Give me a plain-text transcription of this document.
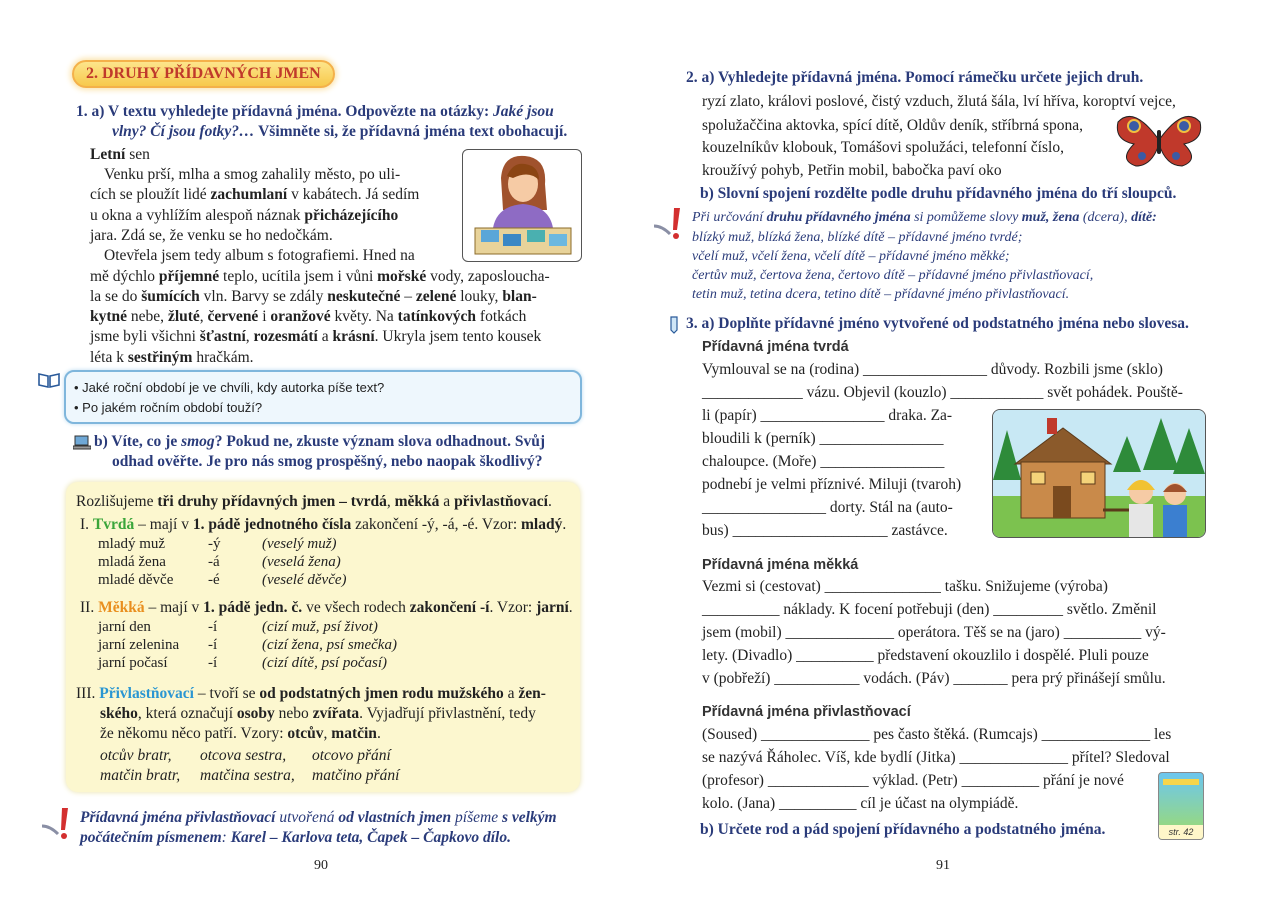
2. DRUHY PŘÍDAVNÝCH JMEN
1. a) V textu vyhledejte přídavná jména. Odpovězte na otázky: Jaké jsou
vlny? Čí jsou fotky?… Všimněte si, že přídavná jména text obohacují.
Letní sen
Venku prší, mlha a smog zahalily město, po uli-
cích se ploužít lidé zachumlaní v kabátech. Já sedím
u okna a vyhlížím alespoň náznak přicházejícího
jara. Zdá se, že venku se ho nedočkám.
Otevřela jsem tedy album s fotografiemi. Hned na
mě dýchlo příjemné teplo, ucítila jsem i vůni mořské vody, zaposloucha-
la se do šumících vln. Barvy se zdály neskutečné – zelené louky, blan-
kytné nebe, žluté, červené i oranžové květy. Na tatínkových fotkách
jsme byli všichni šťastní, rozesmátí a krásní. Ukryla jsem tento kousek
léta k sestřiným hračkám.
• Jaké roční období je ve chvíli, kdy autorka píše text?
• Po jakém ročním období touží?
b) Víte, co je smog? Pokud ne, zkuste význam slova odhadnout. Svůj
odhad ověřte. Je pro nás smog prospěšný, nebo naopak škodlivý?
Rozlišujeme tři druhy přídavných jmen – tvrdá, měkká a přivlastňovací.
I. Tvrdá – mají v 1. pádě jednotného čísla zakončení -ý, -á, -é. Vzor: mladý.
mladý muž	-ý	(veselý muž)
mladá žena	-á	(veselá žena)
mladé děvče	-é	(veselé děvče)
II. Měkká – mají v 1. pádě jedn. č. ve všech rodech zakončení -í. Vzor: jarní.
jarní den	-í	(cizí muž, psí život)
jarní zelenina	-í	(cizí žena, psí smečka)
jarní počasí	-í	(cizí dítě, psí počasí)
III. Přivlastňovací – tvoří se od podstatných jmen rodu mužského a žen-
ského, která označují osoby nebo zvířata. Vyjadřují přivlastnění, tedy
že někomu něco patří. Vzory: otcův, matčin.
otcův bratr, otcova sestra, otcovo přání
matčin bratr, matčina sestra, matčino přání
Přídavná jména přivlastňovací utvořená od vlastních jmen píšeme s velkým
počátečním písmenem: Karel – Karlova teta, Čapek – Čapkovo dílo.
90
2. a) Vyhledejte přídavná jména. Pomocí rámečku určete jejich druh.
ryzí zlato, královi poslové, čistý vzduch, žlutá šála, lví hříva, koroptví vejce,
spolužaččina aktovka, spící dítě, Oldův deník, stříbrná spona,
kouzelníkův klobouk, Tomášovi spolužáci, telefonní číslo,
kroužívý pohyb, Petřin mobil, babočka paví oko
b) Slovní spojení rozdělte podle druhu přídavného jména do tří sloupců.
Při určování druhu přídavného jména si pomůžeme slovy muž, žena (dcera), dítě:
blízký muž, blízká žena, blízké dítě – přídavné jméno tvrdé;
včelí muž, včelí žena, včelí dítě – přídavné jméno měkké;
čertův muž, čertova žena, čertovo dítě – přídavné jméno přivlastňovací,
tetin muž, tetina dcera, tetino dítě – přídavné jméno přivlastňovací.
3. a) Doplňte přídavné jméno vytvořené od podstatného jména nebo slovesa.
Přídavná jména tvrdá
Vymlouval se na (rodina) ________________ důvody. Rozbili jsme (sklo)
_____________ vázu. Objevil (kouzlo) ____________ svět pohádek. Pouště-
li (papír) ________________ draka. Za-
bloudili k (perník) ________________
chaloupce. (Moře) ________________
podnebí je velmi příznivé. Miluji (tvaroh)
________________ dorty. Stál na (auto-
bus) ____________________ zastávce.
Přídavná jména měkká
Vezmi si (cestovat) _______________ tašku. Snižujeme (výroba)
__________ náklady. K focení potřebuji (den) _________ světlo. Změnil
jsem (mobil) ______________ operátora. Těš se na (jaro) __________ vý-
lety. (Divadlo) __________ představení okouzlilo i dospělé. Pluli pouze
v (pobřeží) ___________ vodách. (Páv) _______ pera prý přinášejí smůlu.
Přídavná jména přivlastňovací
(Soused) ______________ pes často štěká. (Rumcajs) ______________ les
se nazývá Řáholec. Víš, kde bydlí (Jitka) ______________ přítel? Sledoval
(profesor) _____________ výklad. (Petr) __________ přání je nové
kolo. (Jana) __________ cíl je účast na olympiádě.
b) Určete rod a pád spojení přídavného a podstatného jména.	str. 42
91
